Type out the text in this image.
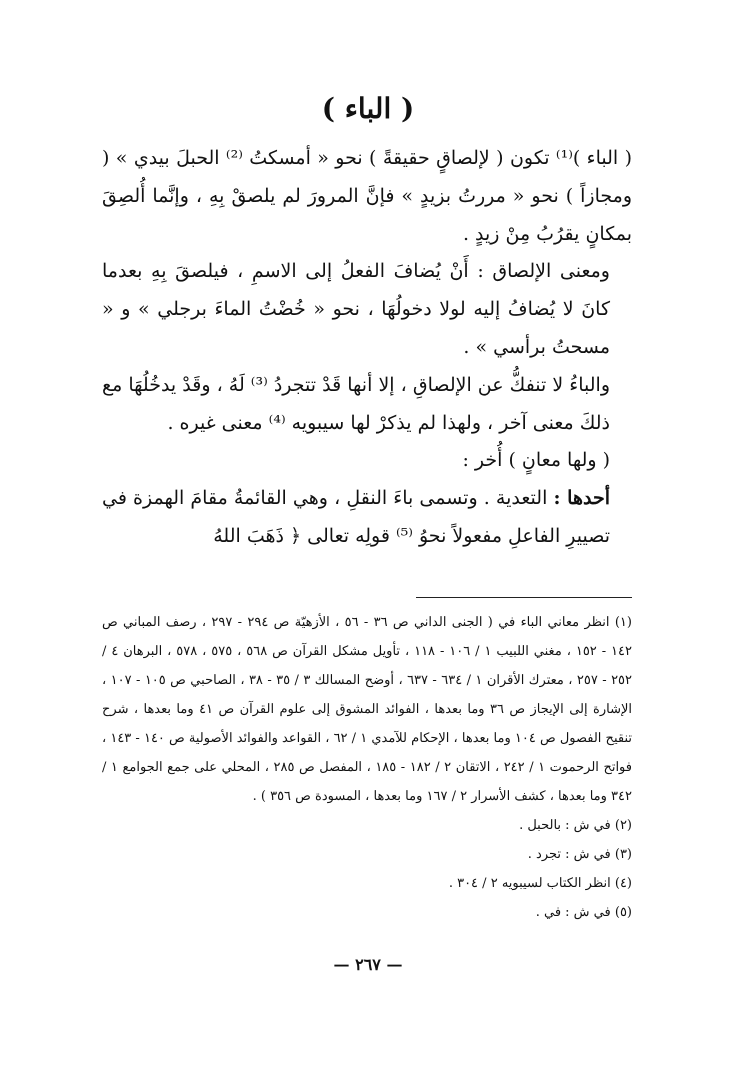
( الباء )

( الباء )⁽¹⁾ تكون ( لإلصاقٍ حقيقةً ) نحو « أمسكتُ ⁽²⁾ الحبلَ بيدي » ( ومجازاً ) نحو « مررتُ بزيدٍ » فإنَّ المرورَ لم يلصقْ بِهِ ، وإنَّما أُلصِقَ بمكانٍ يقرُبُ مِنْ زيدٍ .

ومعنى الإلصاق : أَنْ يُضافَ الفعلُ إلى الاسمِ ، فيلصقَ بِهِ بعدما كانَ لا يُضافُ إليه لولا دخولُهَا ، نحو « خُضْتُ الماءَ برجلي » و « مسحتُ برأسي » .

والباءُ لا تنفكُّ عن الإلصاقِ ، إلا أنها قَدْ تتجردُ ⁽³⁾ لَهُ ، وقَدْ يدخُلُهَا مع ذلكَ معنى آخر ، ولهذا لم يذكرْ لها سيبويه ⁽⁴⁾ معنى غيره .

( ولها معانٍ ) أُخر :

أحدها : التعدية . وتسمى باءَ النقلِ ، وهي القائمةُ مقامَ الهمزة في تصييرِ الفاعلِ مفعولاً نحوُ ⁽⁵⁾ قولِه تعالى ﴿ ذَهَبَ اللهُ

(١) انظر معاني الباء في ( الجنى الداني ص ٣٦ - ٥٦ ، الأزهيّة ص ٢٩٤ - ٢٩٧ ، رصف المباني ص ١٤٢ - ١٥٢ ، مغني اللبيب ١ / ١٠٦ - ١١٨ ، تأويل مشكل القرآن ص ٥٦٨ ، ٥٧٥ ، ٥٧٨ ، البرهان ٤ / ٢٥٢ - ٢٥٧ ، معترك الأقران ١ / ٦٣٤ - ٦٣٧ ، أوضح المسالك ٣ / ٣٥ - ٣٨ ، الصاحبي ص ١٠٥ - ١٠٧ ، الإشارة إلى الإيجاز ص ٣٦ وما بعدها ، الفوائد المشوق إلى علوم القرآن ص ٤١ وما بعدها ، شرح تنقيح الفصول ص ١٠٤ وما بعدها ، الإحكام للآمدي ١ / ٦٢ ، القواعد والفوائد الأصولية ص ١٤٠ - ١٤٣ ، فواتح الرحموت ١ / ٢٤٢ ، الاتقان ٢ / ١٨٢ - ١٨٥ ، المفصل ص ٢٨٥ ، المحلي على جمع الجوامع ١ / ٣٤٢ وما بعدها ، كشف الأسرار ٢ / ١٦٧ وما بعدها ، المسودة ص ٣٥٦ ) .

(٢) في ش : بالحبل .

(٣) في ش : تجرد .

(٤) انظر الكتاب لسيبويه ٢ / ٣٠٤ .

(٥) في ش : في .

— ٢٦٧ —
